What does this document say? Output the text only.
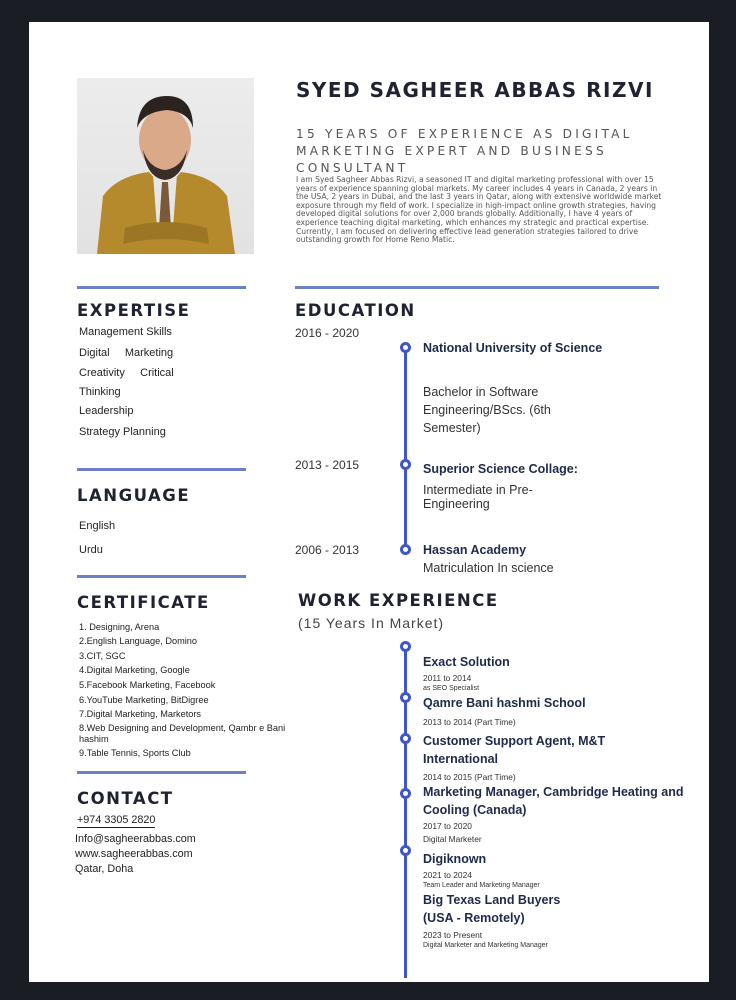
SYED SAGHEER ABBAS RIZVI
15 YEARS OF EXPERIENCE AS DIGITAL MARKETING EXPERT AND BUSINESS CONSULTANT
I am Syed Sagheer Abbas Rizvi, a seasoned IT and digital marketing professional with over 15 years of experience spanning global markets. My career includes 4 years in Canada, 2 years in the USA, 2 years in Dubai, and the last 3 years in Qatar, along with extensive worldwide market exposure through my field of work. I specialize in high-impact online growth strategies, having developed digital solutions for over 2,000 brands globally. Additionally, I have 4 years of experience teaching digital marketing, which enhances my strategic and practical expertise. Currently, I am focused on delivering effective lead generation strategies tailored to drive outstanding growth for Home Reno Matic.
EXPERTISE
Management Skills
Digital     Marketing
Creativity     Critical
Thinking
Leadership
Strategy Planning
LANGUAGE
English
Urdu
CERTIFICATE
1. Designing, Arena
2.English Language, Domino
3.CIT, SGC
4.Digital Marketing, Google
5.Facebook Marketing, Facebook
6.YouTube Marketing, BitDigree
7.Digital Marketing, Marketors
8.Web Designing and Development, Qambr e Bani hashim
9.Table Tennis, Sports Club
CONTACT
+974 3305 2820
Info@sagheerabbas.com
www.sagheerabbas.com
Qatar, Doha
EDUCATION
2016 - 2020
National University of Science
Bachelor in Software Engineering/BScs. (6th Semester)
2013 - 2015	Superior Science Collage:
Intermediate in Pre-Engineering
2006 - 2013	Hassan Academy
Matriculation In science
WORK EXPERIENCE
(15 Years In Market)
Exact Solution
2011 to 2014
as SEO Specialist
Qamre Bani hashmi School
2013 to 2014 (Part Time)
Customer Support Agent, M&T International
2014 to 2015 (Part Time)
Marketing Manager, Cambridge Heating and Cooling (Canada)
2017 to 2020
Digital Marketer
Digiknown
2021 to 2024
Team Leader and Marketing Manager
Big Texas Land Buyers (USA - Remotely)
2023 to Present
Digital Marketer and Marketing Manager
